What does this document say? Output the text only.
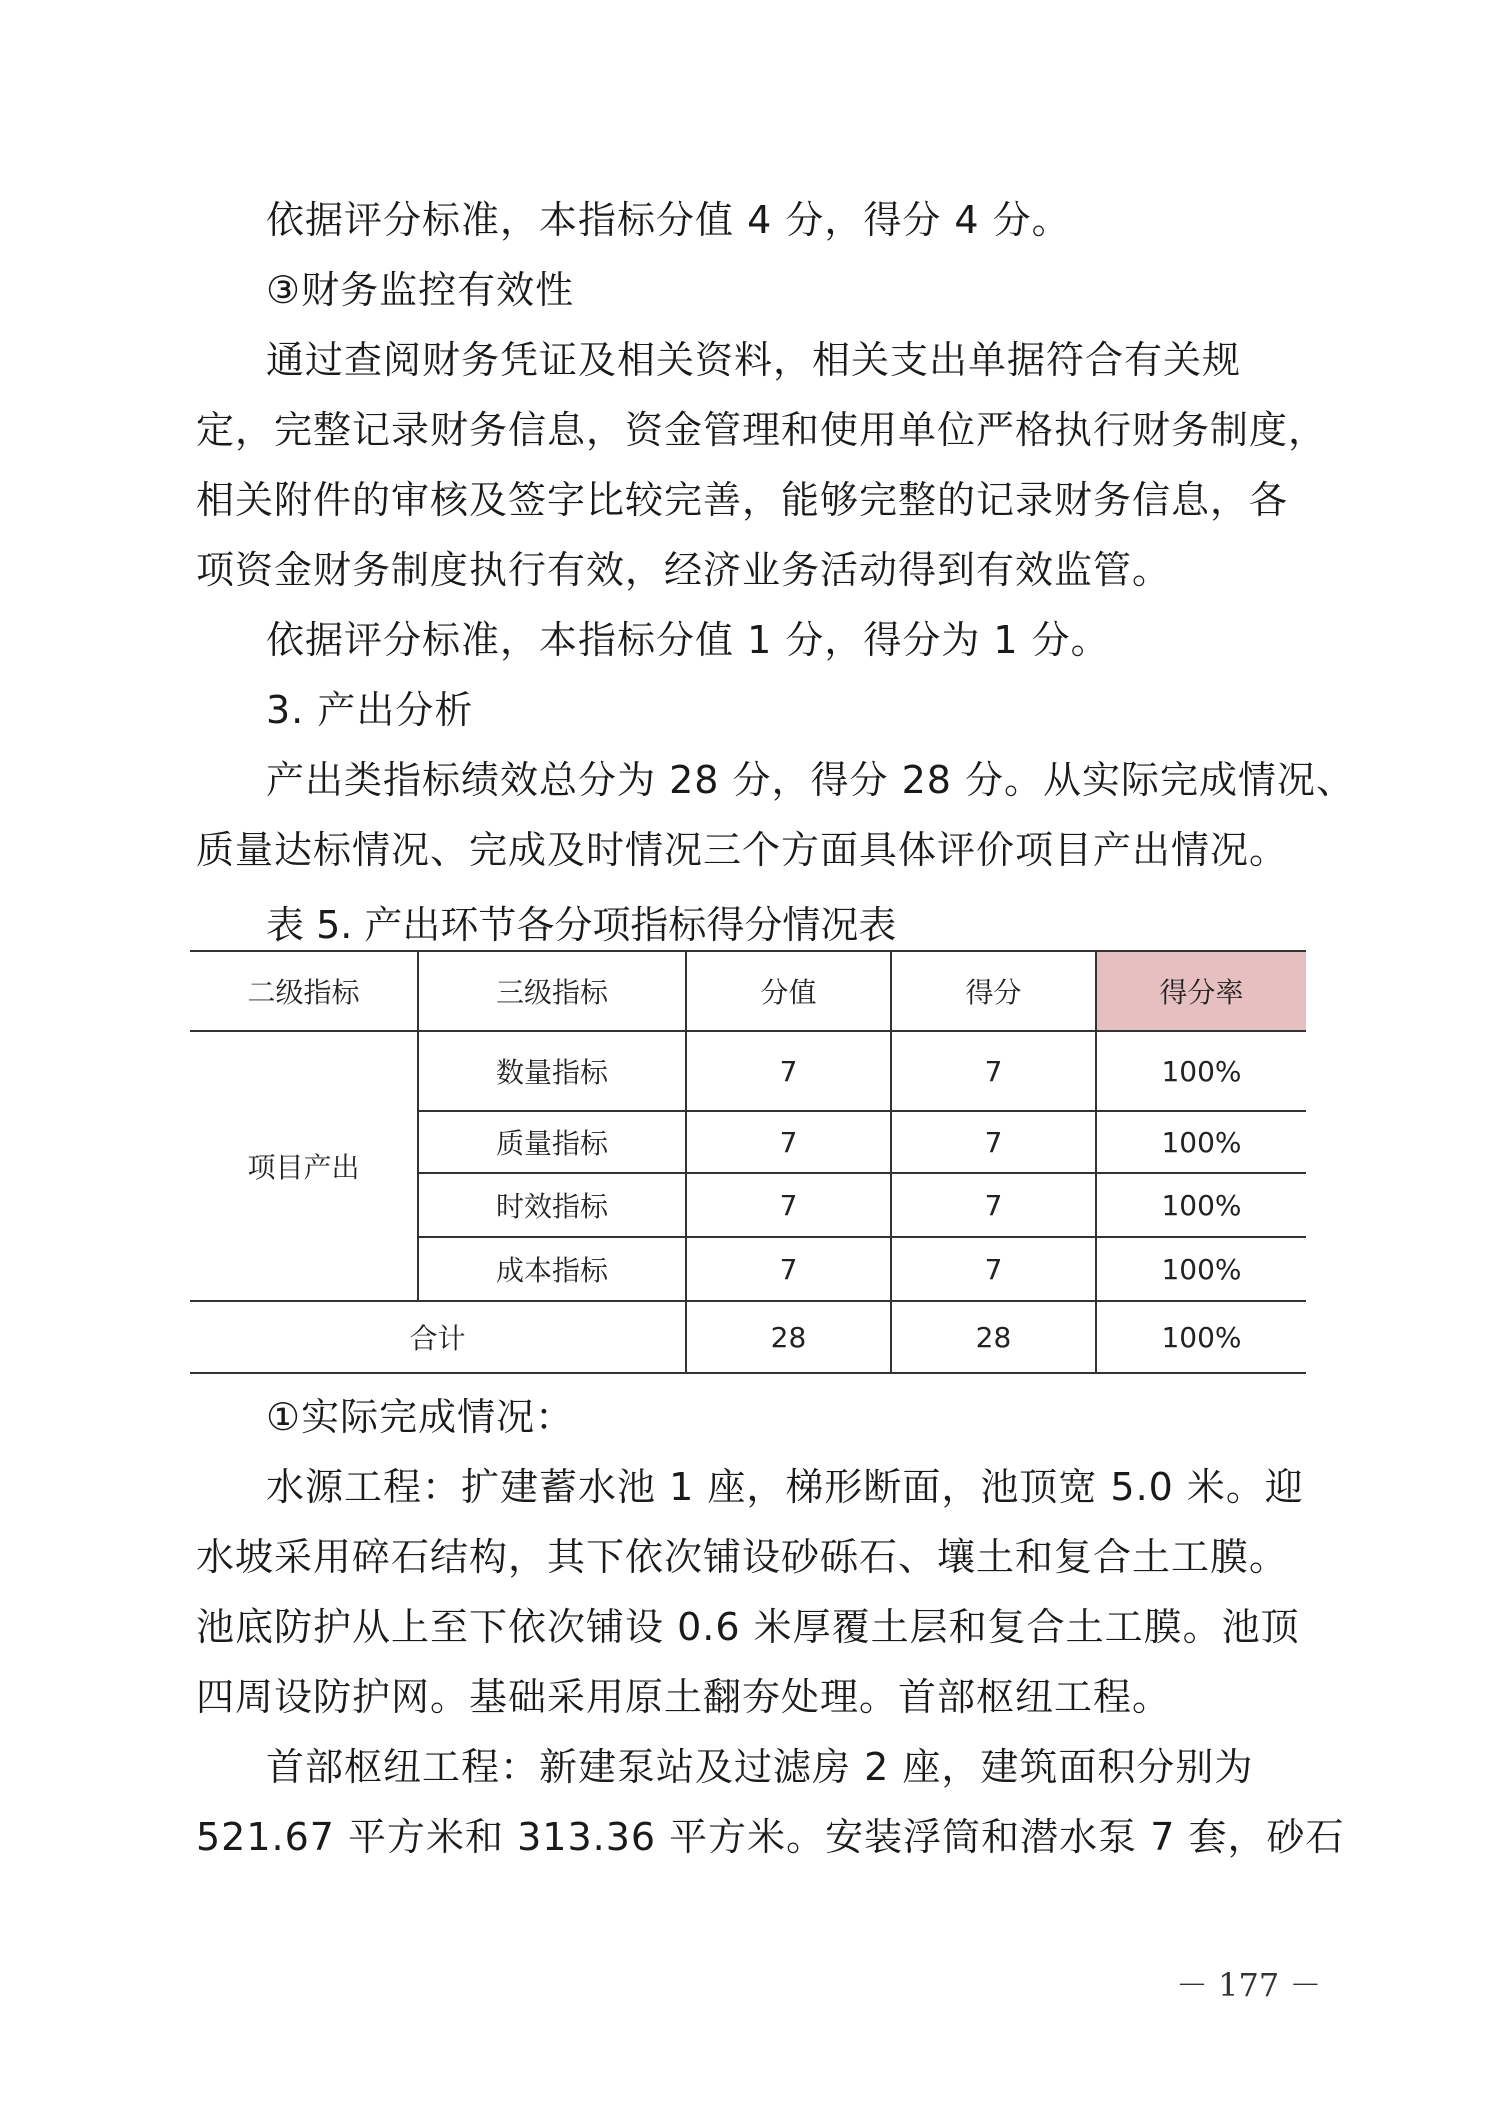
依据评分标准，本指标分值 4 分，得分 4 分。
③财务监控有效性
通过查阅财务凭证及相关资料，相关支出单据符合有关规
定，完整记录财务信息，资金管理和使用单位严格执行财务制度，
相关附件的审核及签字比较完善，能够完整的记录财务信息，各
项资金财务制度执行有效，经济业务活动得到有效监管。
依据评分标准，本指标分值 1 分，得分为 1 分。
3. 产出分析
产出类指标绩效总分为 28 分，得分 28 分。从实际完成情况、
质量达标情况、完成及时情况三个方面具体评价项目产出情况。
表 5. 产出环节各分项指标得分情况表
二级指标	三级指标	分值	得分	得分率
项目产出	数量指标	7	7	100%
	质量指标	7	7	100%
	时效指标	7	7	100%
	成本指标	7	7	100%
合计		28	28	100%
①实际完成情况：
水源工程：扩建蓄水池 1 座，梯形断面，池顶宽 5.0 米。迎
水坡采用碎石结构，其下依次铺设砂砾石、壤土和复合土工膜。
池底防护从上至下依次铺设 0.6 米厚覆土层和复合土工膜。池顶
四周设防护网。基础采用原土翻夯处理。首部枢纽工程。
首部枢纽工程：新建泵站及过滤房 2 座，建筑面积分别为
521.67 平方米和 313.36 平方米。安装浮筒和潜水泵 7 套，砂石
－ 177 －
